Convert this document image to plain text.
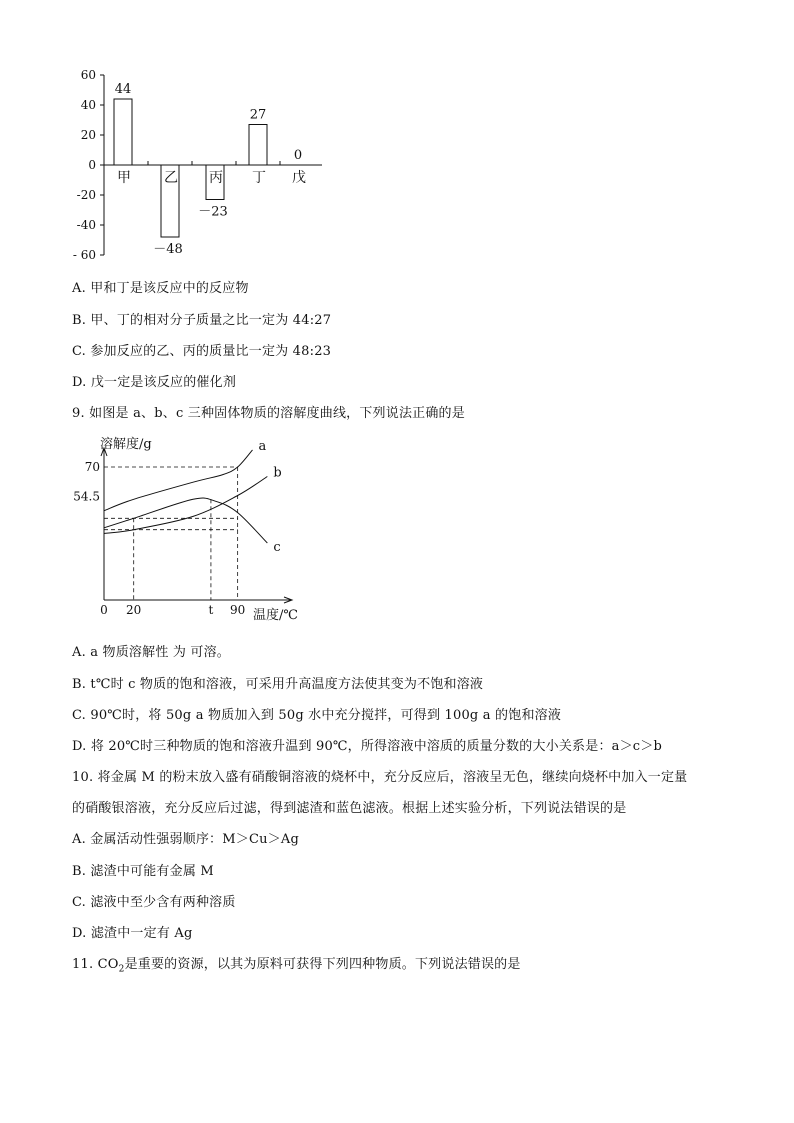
60
40
20
0
-20
-40
- 60
甲
44
乙
－48
丙
－23
丁
27
戊
0
A. 甲和丁是该反应中的反应物
B. 甲、丁的相对分子质量之比一定为 44:27
C. 参加反应的乙、丙的质量比一定为 48:23
D. 戊一定是该反应的催化剂
9. 如图是 a、b、c 三种固体物质的溶解度曲线，下列说法正确的是
溶解度/g
温度/℃
0 20	t 90
70
54.5
a
b
c
A. a 物质溶解性 为 可溶。
B. t℃时 c 物质的饱和溶液，可采用升高温度方法使其变为不饱和溶液
C. 90℃时，将 50g a 物质加入到 50g 水中充分搅拌，可得到 100g a 的饱和溶液
D. 将 20℃时三种物质的饱和溶液升温到 90℃，所得溶液中溶质的质量分数的大小关系是：a＞c＞b
10. 将金属 M 的粉末放入盛有硝酸铜溶液的烧杯中，充分反应后，溶液呈无色，继续向烧杯中加入一定量
的硝酸银溶液，充分反应后过滤，得到滤渣和蓝色滤液。根据上述实验分析，下列说法错误的是
A. 金属活动性强弱顺序：M＞Cu＞Ag
B. 滤渣中可能有金属 M
C. 滤液中至少含有两种溶质
D. 滤渣中一定有 Ag
11. $CO_2$是重要的资源，以其为原料可获得下列四种物质。下列说法错误的是
